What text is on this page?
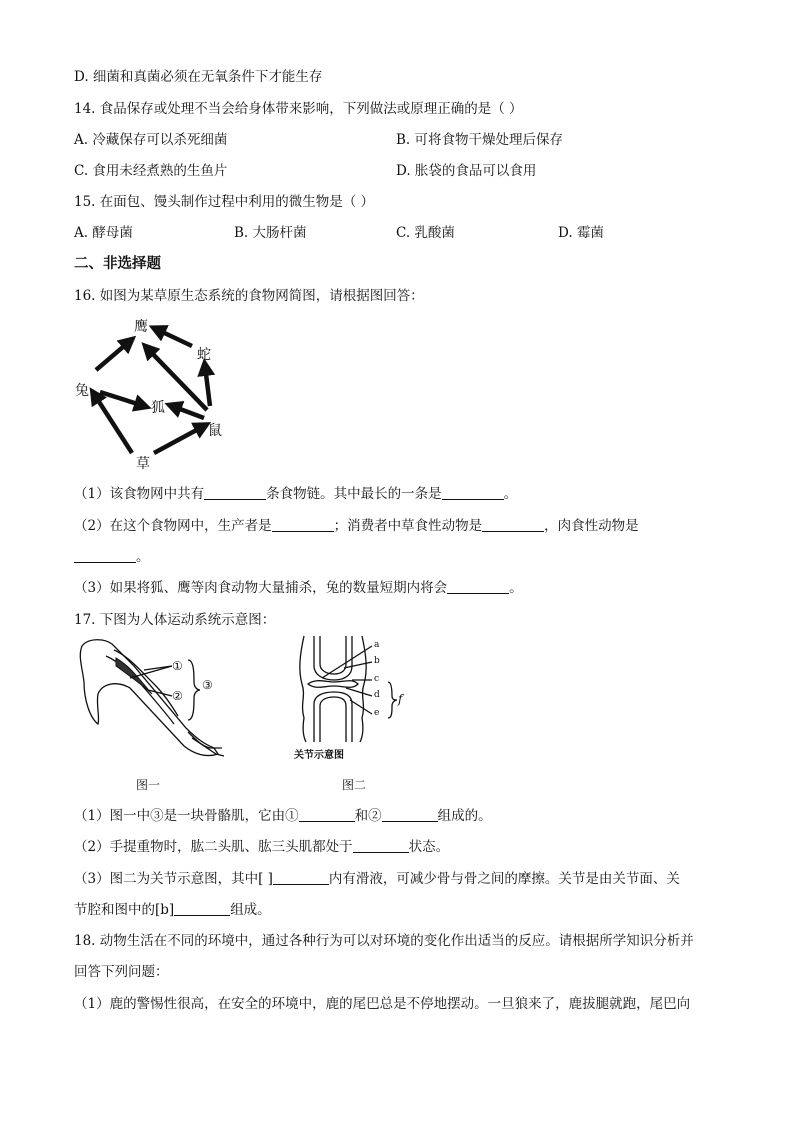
D. 细菌和真菌必须在无氧条件下才能生存
14. 食品保存或处理不当会给身体带来影响，下列做法或原理正确的是（ ）
A. 冷藏保存可以杀死细菌	B. 可将食物干燥处理后保存
C. 食用未经煮熟的生鱼片	D. 胀袋的食品可以食用
15. 在面包、馒头制作过程中利用的微生物是（ ）
A. 酵母菌	B. 大肠杆菌	C. 乳酸菌	D. 霉菌
二、非选择题
16. 如图为某草原生态系统的食物网简图，请根据图回答：
鹰
蛇
兔
狐
鼠
草
（1）该食物网中共有	条食物链。其中最长的一条是	。
（2）在这个食物网中，生产者是	；消费者中草食性动物是	，肉食性动物是
。
（3）如果将狐、鹰等肉食动物大量捕杀，兔的数量短期内将会	。
17. 下图为人体运动系统示意图：
①
②
③
图一
a
b
c
d
e
f
关节示意图
图二
（1）图一中③是一块骨骼肌，它由①	和②	组成的。
（2）手提重物时，肱二头肌、肱三头肌都处于	状态。
（3）图二为关节示意图，其中[ ]	内有滑液，可减少骨与骨之间的摩擦。关节是由关节面、关
节腔和图中的[b]	组成。
18. 动物生活在不同的环境中，通过各种行为可以对环境的变化作出适当的反应。请根据所学知识分析并
回答下列问题：
（1）鹿的警惕性很高，在安全的环境中，鹿的尾巴总是不停地摆动。一旦狼来了，鹿拔腿就跑，尾巴向
